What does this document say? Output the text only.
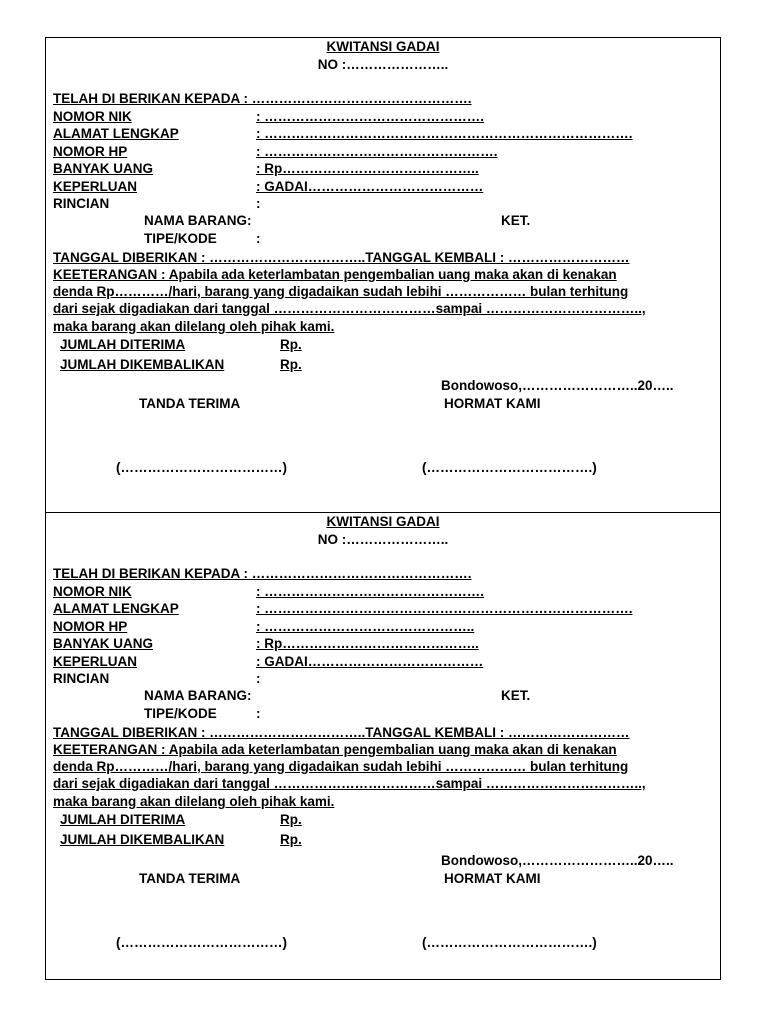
KWITANSI GADAI
NO :…………………..
TELAH DI BERIKAN KEPADA : ………………………………………….
NOMOR NIK	: ………………………………………….
ALAMAT LENGKAP	: ……………………………………………………………………….
NOMOR HP	: …………………………………………….
BANYAK UANG	: Rp……………………………………..
KEPERLUAN	: GADAI…………………………………
RINCIAN	:
NAMA BARANG:	KET.
TIPE/KODE	:
TANGGAL DIBERIKAN : ……………………………..TANGGAL KEMBALI : ………………………
KEETERANGAN : Apabila ada keterlambatan pengembalian uang maka akan di kenakan
denda Rp…………/hari, barang yang digadaikan sudah lebihi ……………… bulan terhitung
dari sejak digadiakan dari tanggal ………………………………sampai ……………………………..,
maka barang akan dilelang oleh pihak kami.
JUMLAH DITERIMA	Rp.
JUMLAH DIKEMBALIKAN	Rp.
Bondowoso,……………………..20…..
TANDA TERIMA	HORMAT KAMI
(………………………………)	(……………………………….)
KWITANSI GADAI
NO :…………………..
TELAH DI BERIKAN KEPADA : ………………………………………….
NOMOR NIK	: ………………………………………….
ALAMAT LENGKAP	: ……………………………………………………………………….
NOMOR HP	: ………………………………………..
BANYAK UANG	: Rp……………………………………..
KEPERLUAN	: GADAI…………………………………
RINCIAN	:
NAMA BARANG:	KET.
TIPE/KODE	:
TANGGAL DIBERIKAN : ……………………………..TANGGAL KEMBALI : ………………………
KEETERANGAN : Apabila ada keterlambatan pengembalian uang maka akan di kenakan
denda Rp…………/hari, barang yang digadaikan sudah lebihi ……………… bulan terhitung
dari sejak digadiakan dari tanggal ………………………………sampai ……………………………..,
maka barang akan dilelang oleh pihak kami.
JUMLAH DITERIMA	Rp.
JUMLAH DIKEMBALIKAN	Rp.
Bondowoso,……………………..20…..
TANDA TERIMA	HORMAT KAMI
(………………………………)	(……………………………….)
